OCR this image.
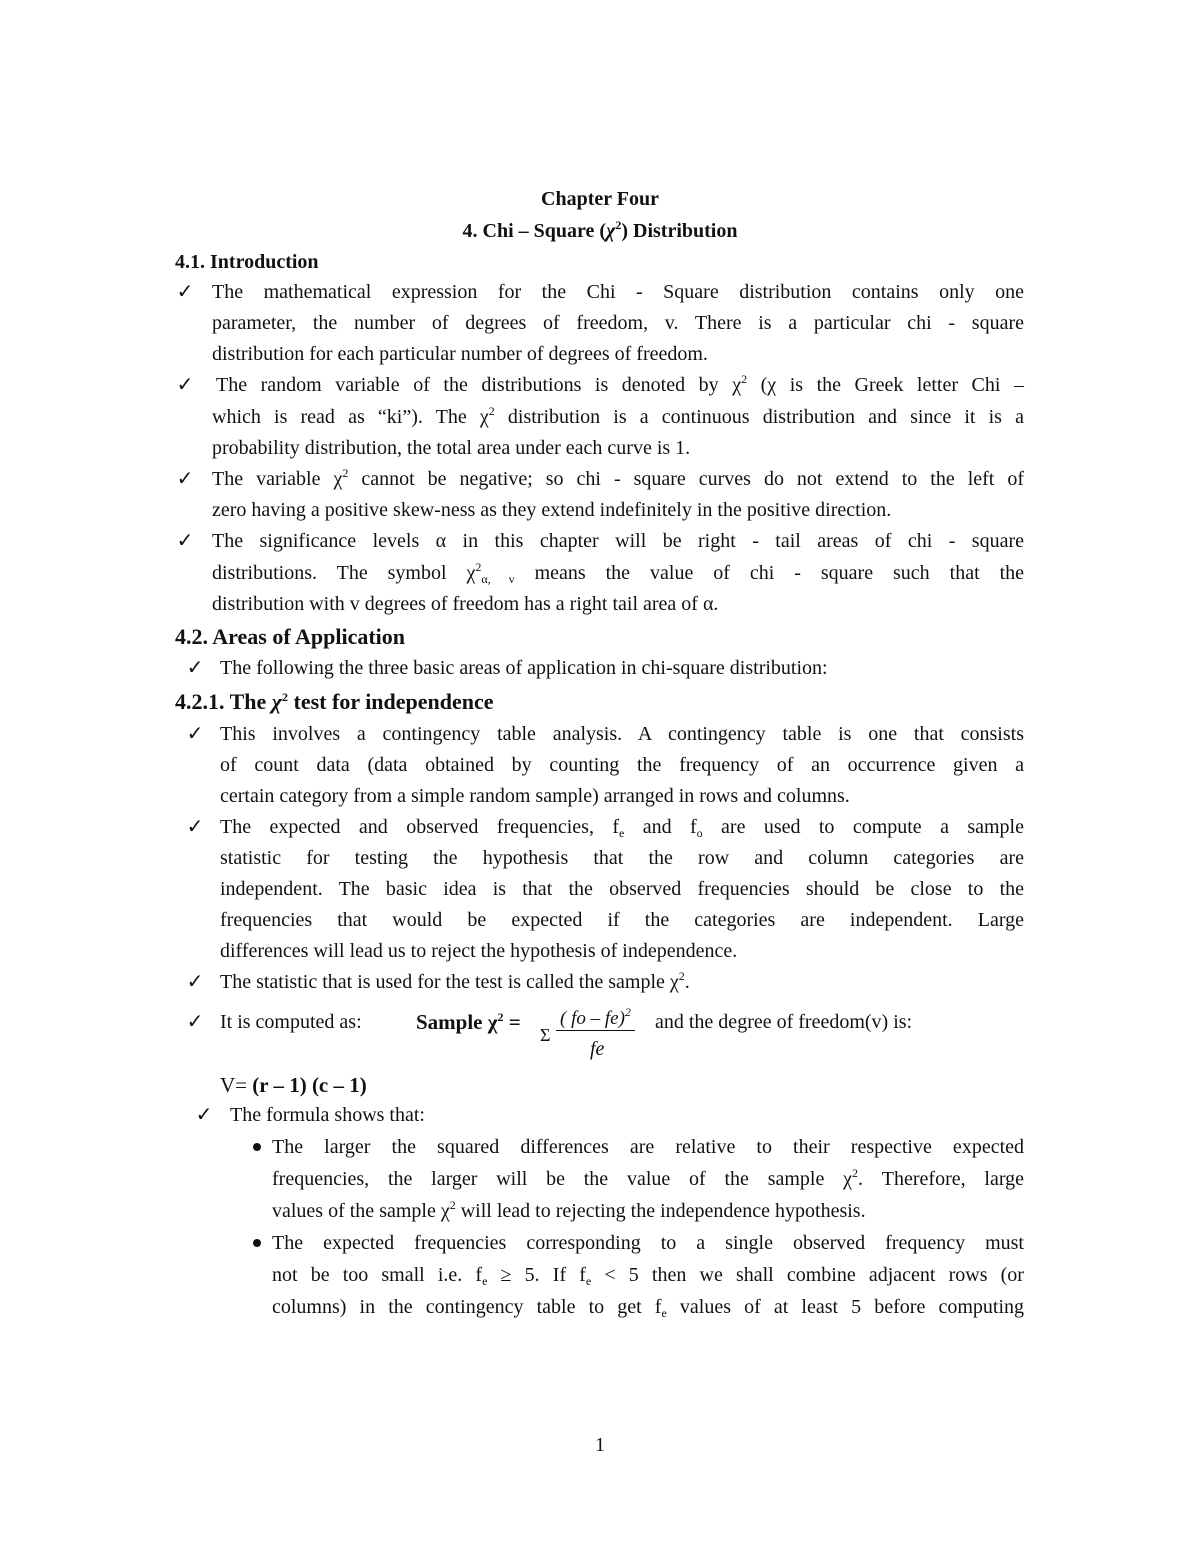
Chapter Four
4. Chi – Square $(\chi^2)$ Distribution
4.1. Introduction
✓ The mathematical expression for the Chi - Square distribution contains only one
parameter, the number of degrees of freedom, v. There is a particular chi - square
distribution for each particular number of degrees of freedom.
✓ The random variable of the distributions is denoted by $\chi^2$ (χ is the Greek letter Chi –
which is read as “ki”). The $\chi^2$ distribution is a continuous distribution and since it is a
probability distribution, the total area under each curve is 1.
✓ The variable $\chi^2$ cannot be negative; so chi - square curves do not extend to the left of
zero having a positive skew-ness as they extend indefinitely in the positive direction.
✓ The significance levels α in this chapter will be right - tail areas of chi - square
distributions. The symbol $\chi^2_{\alpha, v}$ means the value of chi - square such that the
distribution with v degrees of freedom has a right tail area of α.
4.2. Areas of Application
✓ The following the three basic areas of application in chi-square distribution:
4.2.1. The $\chi^2$ test for independence
✓ This involves a contingency table analysis. A contingency table is one that consists
of count data (data obtained by counting the frequency of an occurrence given a
certain category from a simple random sample) arranged in rows and columns.
✓ The expected and observed frequencies, $f_e$ and $f_o$ are used to compute a sample
statistic for testing the hypothesis that the row and column categories are
independent. The basic idea is that the observed frequencies should be close to the
frequencies that would be expected if the categories are independent. Large
differences will lead us to reject the hypothesis of independence.
✓ The statistic that is used for the test is called the sample $\chi^2$.
✓ It is computed as:	Sample $\chi^2$ =
Σ
( fo – fe)$^2$
fe
and the degree of freedom(v) is:
V= (r – 1) (c – 1)
✓ The formula shows that:
The larger the squared differences are relative to their respective expected
frequencies, the larger will be the value of the sample $\chi^2$. Therefore, large
values of the sample $\chi^2$ will lead to rejecting the independence hypothesis.
The expected frequencies corresponding to a single observed frequency must
not be too small i.e. $f_e \ge 5$. If $f_e < 5$ then we shall combine adjacent rows (or
columns) in the contingency table to get $f_e$ values of at least 5 before computing
1
